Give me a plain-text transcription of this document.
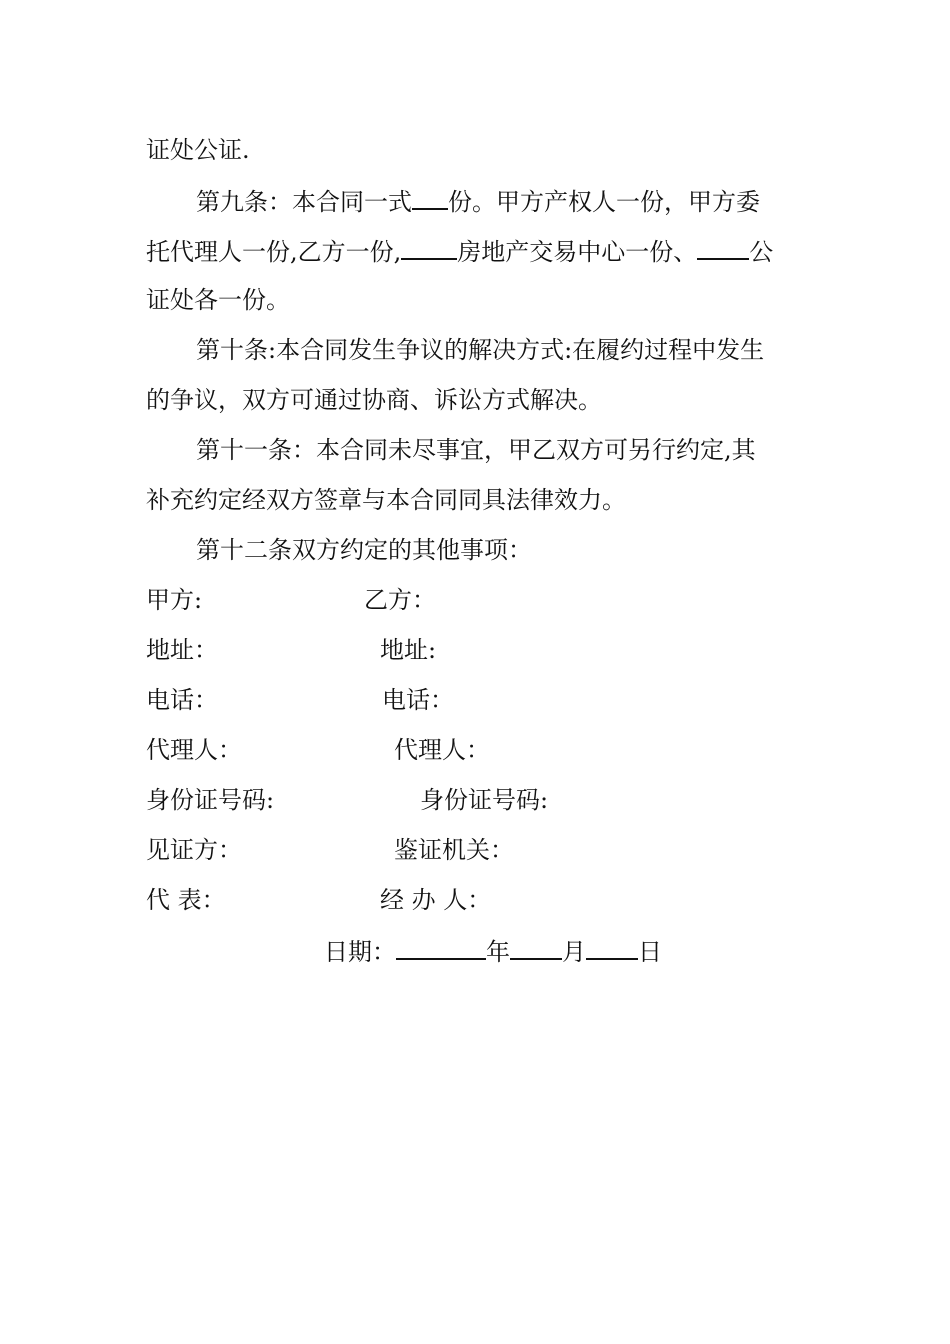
证处公证.
第九条：本合同一式 份。甲方产权人一份，甲方委
托代理人一份,乙方一份, 房地产交易中心一份、 公
证处各一份。
第十条:本合同发生争议的解决方式:在履约过程中发生
的争议，双方可通过协商、诉讼方式解决。
第十一条：本合同未尽事宜，甲乙双方可另行约定,其
补充约定经双方签章与本合同同具法律效力。
第十二条双方约定的其他事项：
甲方:	乙方：
地址：	地址:
电话：	电话：
代理人：	代理人：
身份证号码:	身份证号码:
见证方：	鉴证机关：
代 表：	经 办 人：
日期：	年 月 日
